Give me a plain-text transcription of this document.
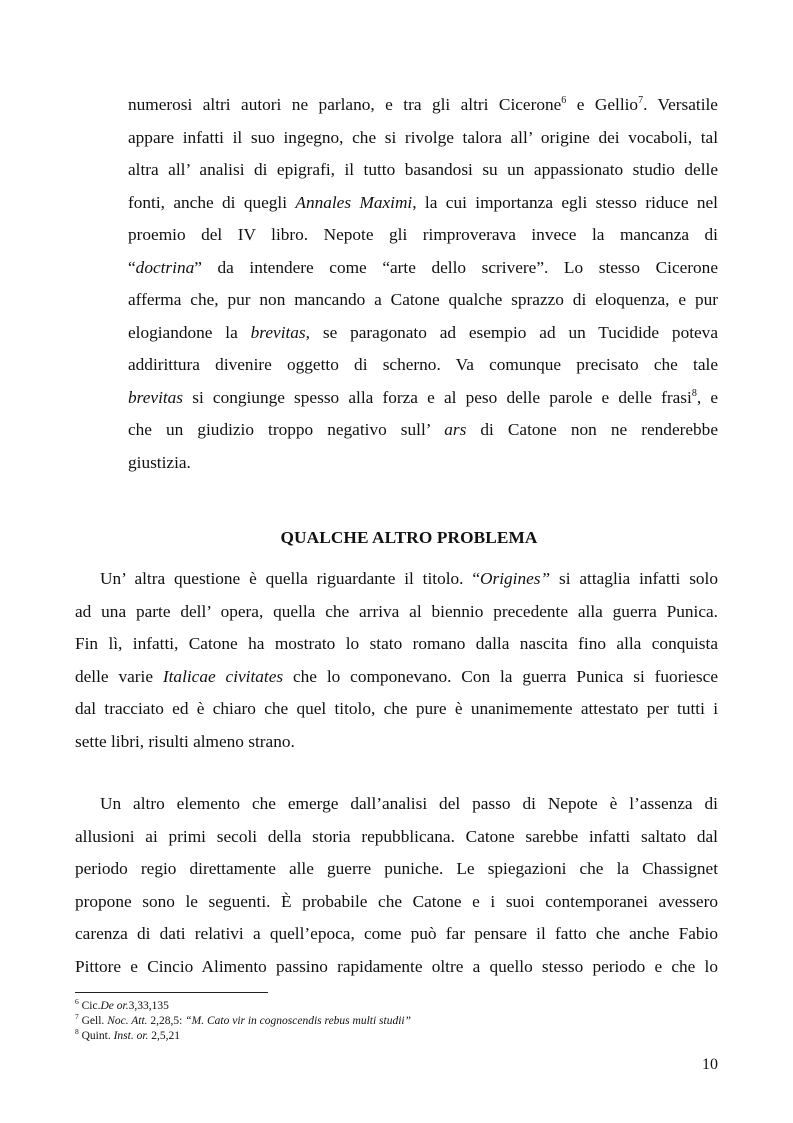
numerosi altri autori ne parlano, e tra gli altri Cicerone$^6$ e Gellio$^7$. Versatile
appare infatti il suo ingegno, che si rivolge talora all’ origine dei vocaboli, tal
altra all’ analisi di epigrafi, il tutto basandosi su un appassionato studio delle
fonti, anche di quegli Annales Maximi, la cui importanza egli stesso riduce nel
proemio del IV libro. Nepote gli rimproverava invece la mancanza di
“doctrina” da intendere come “arte dello scrivere”. Lo stesso Cicerone
afferma che, pur non mancando a Catone qualche sprazzo di eloquenza, e pur
elogiandone la brevitas, se paragonato ad esempio ad un Tucidide poteva
addirittura divenire oggetto di scherno. Va comunque precisato che tale
brevitas si congiunge spesso alla forza e al peso delle parole e delle frasi$^8$, e
che un giudizio troppo negativo sull’ ars di Catone non ne renderebbe
giustizia.
QUALCHE ALTRO PROBLEMA
Un’ altra questione è quella riguardante il titolo. “Origines” si attaglia infatti solo
ad una parte dell’ opera, quella che arriva al biennio precedente alla guerra Punica.
Fin lì, infatti, Catone ha mostrato lo stato romano dalla nascita fino alla conquista
delle varie Italicae civitates che lo componevano. Con la guerra Punica si fuoriesce
dal tracciato ed è chiaro che quel titolo, che pure è unanimemente attestato per tutti i
sette libri, risulti almeno strano.
Un altro elemento che emerge dall’analisi del passo di Nepote è l’assenza di
allusioni ai primi secoli della storia repubblicana. Catone sarebbe infatti saltato dal
periodo regio direttamente alle guerre puniche. Le spiegazioni che la Chassignet
propone sono le seguenti. È probabile che Catone e i suoi contemporanei avessero
carenza di dati relativi a quell’epoca, come può far pensare il fatto che anche Fabio
Pittore e Cincio Alimento passino rapidamente oltre a quello stesso periodo e che lo
$^6$ Cic.De or.3,33,135
$^7$ Gell. Noc. Att. 2,28,5: “M. Cato vir in cognoscendis rebus multi studii”
$^8$ Quint. Inst. or. 2,5,21
10
